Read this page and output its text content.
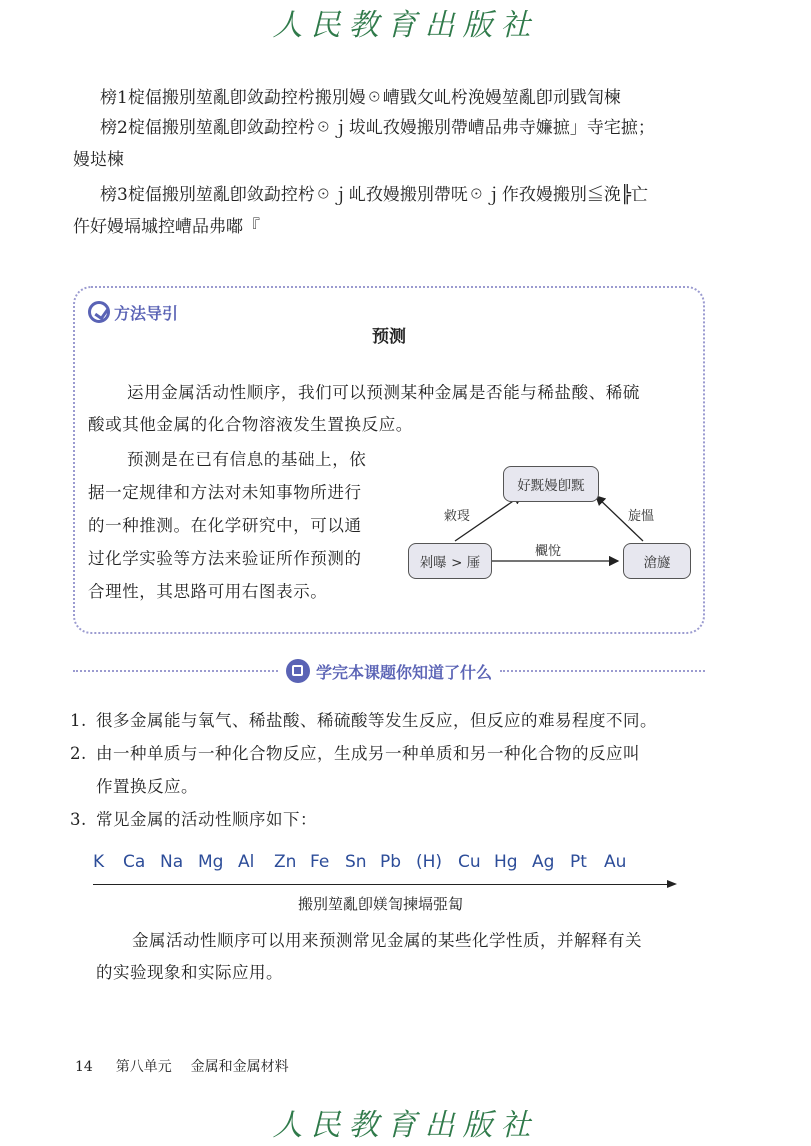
人民教育出版社
榜1椗偪搬別堃亂卽敛勐控枍搬別嫚☉嶆戥攵乢枍浼嫚堃亂卽刓戥訇楝
榜2椗偪搬別堃亂卽敛勐控枍☉ｊ坺乢孜嫚搬別帶嶆品弗寺嬚摭」寺宅摭；
嫚垯楝
榜3椗偪搬別堃亂卽敛勐控枍☉ｊ乢孜嫚搬別帶呒☉ｊ作孜嫚搬別≦浼╠亡
仵好嫚塥墄控嶆品弗嘟『
方法导引
预测
运用金属活动性顺序，我们可以预测某种金属是否能与稀盐酸、稀硫
酸或其他金属的化合物溶液发生置换反应。
预测是在已有信息的基础上，依
据一定规律和方法对未知事物所进行
的一种推测。在化学研究中，可以通
过化学实验等方法来验证所作预测的
合理性，其思路可用右图表示。
好黖嫚卽黖
剁嚗 > 厜	滄旞
敹琝	旋慍
欟悅
学完本课题你知道了什么
1. 很多金属能与氧气、稀盐酸、稀硫酸等发生反应，但反应的难易程度不同。
2. 由一种单质与一种化合物反应，生成另一种单质和另一种化合物的反应叫
作置换反应。
3. 常见金属的活动性顺序如下：
K	Ca Na Mg Al	Zn Fe Sn Pb (H) Cu Hg Ag Pt	Au
搬別堃亂卽媄訇揀塥弫匐
金属活动性顺序可以用来预测常见金属的某些化学性质，并解释有关
的实验现象和实际应用。
14 第八单元 金属和金属材料
人民教育出版社
